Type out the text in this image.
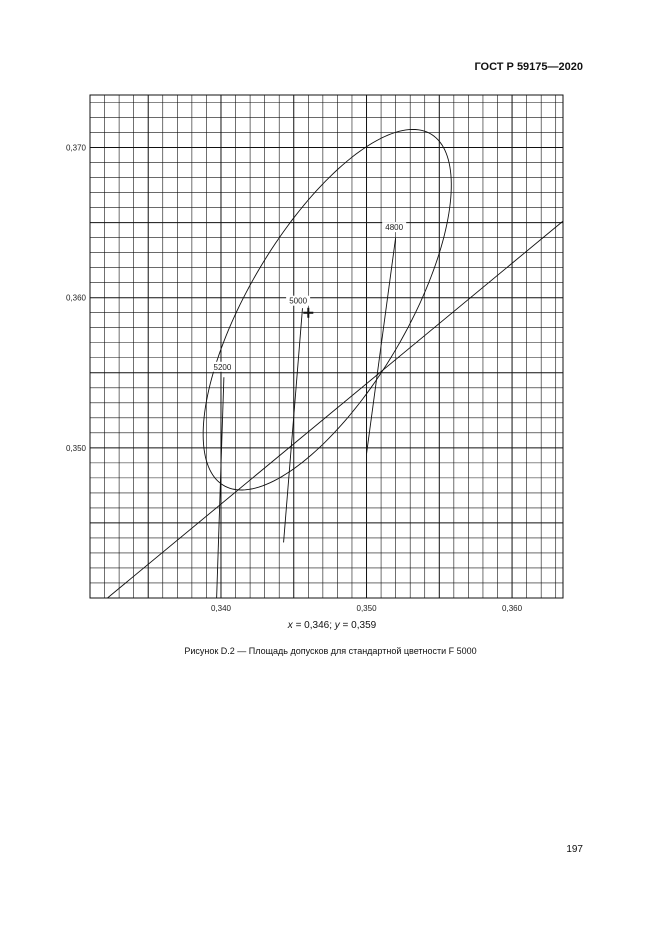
ГОСТ Р 59175—2020
5200
5000
4800
0,350
0,360
0,370
0,340	0,350	0,360
x = 0,346; y = 0,359
Рисунок D.2 — Площадь допусков для стандартной цветности F 5000
197
